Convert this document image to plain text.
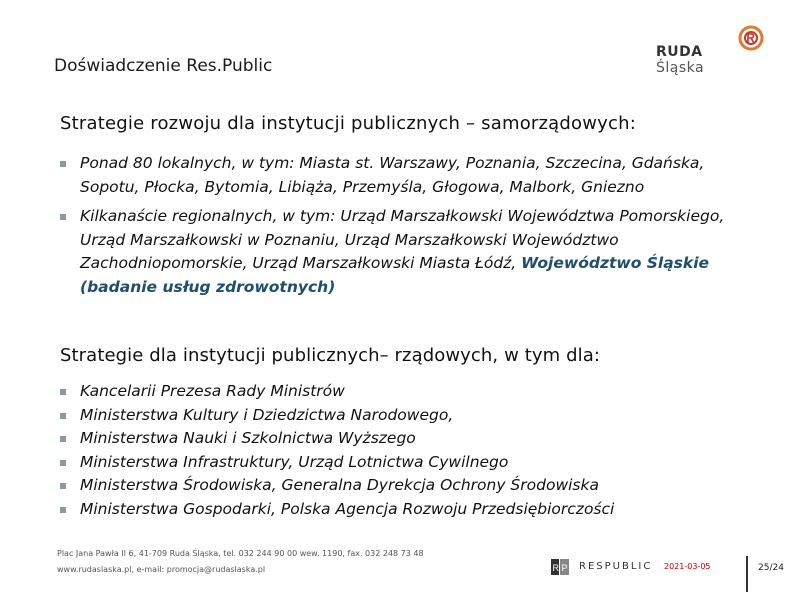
Doświadczenie Res.Public
RUDA Śląska
Strategie rozwoju dla instytucji publicznych – samorządowych:
Ponad 80 lokalnych, w tym: Miasta st. Warszawy, Poznania, Szczecina, Gdańska, Sopotu, Płocka, Bytomia, Libiąża, Przemyśla, Głogowa, Malbork, Gniezno
Kilkanaście regionalnych, w tym: Urząd Marszałkowski Województwa Pomorskiego, Urząd Marszałkowski w Poznaniu, Urząd Marszałkowski Województwo Zachodniopomorskie, Urząd Marszałkowski Miasta Łódź, Województwo Śląskie (badanie usług zdrowotnych)
Strategie dla instytucji publicznych– rządowych, w tym dla:
Kancelarii Prezesa Rady Ministrów
Ministerstwa Kultury i Dziedzictwa Narodowego,
Ministerstwa Nauki i Szkolnictwa Wyższego
Ministerstwa Infrastruktury, Urząd Lotnictwa Cywilnego
Ministerstwa Środowiska, Generalna Dyrekcja Ochrony Środowiska
Ministerstwa Gospodarki, Polska Agencja Rozwoju Przedsiębiorczości
Plac Jana Pawła II 6, 41-709 Ruda Śląska, tel. 032 244 90 00 wew. 1190, fax. 032 248 73 48
www.rudaslaska.pl, e-mail: promocja@rudaslaska.pl	R P RESPUBLIC 2021-03-05	25/24
